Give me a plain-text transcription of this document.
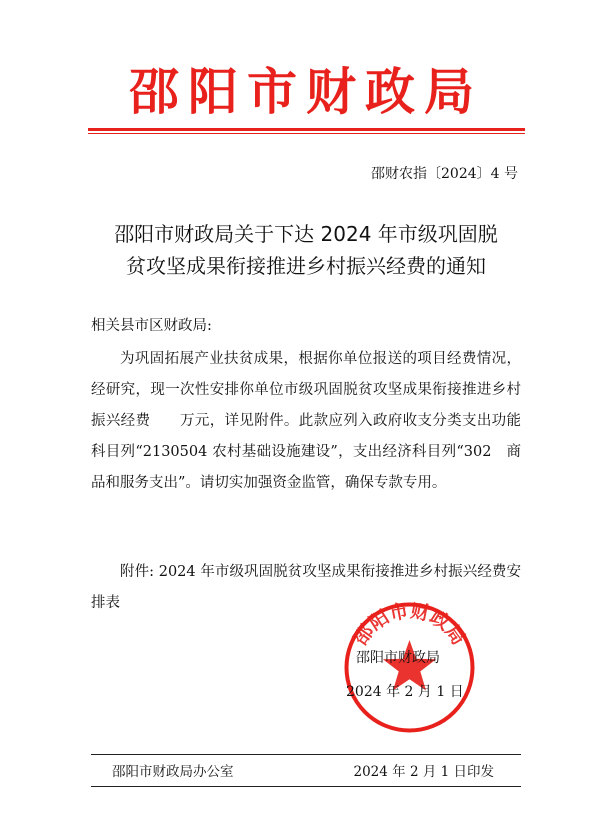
邵阳市财政局
邵财农指〔2024〕4 号
邵阳市财政局关于下达 2024 年市级巩固脱
贫攻坚成果衔接推进乡村振兴经费的通知
相关县市区财政局:
为巩固拓展产业扶贫成果，根据你单位报送的项目经费情况，经研究，现一次性安排你单位市级巩固脱贫攻坚成果衔接推进乡村振兴经费　　万元，详见附件。此款应列入政府收支分类支出功能科目列“2130504 农村基础设施建设”，支出经济科目列“302　商品和服务支出”。请切实加强资金监管，确保专款专用。
附件: 2024 年市级巩固脱贫攻坚成果衔接推进乡村振兴经费安排表
邵阳市财政局
邵阳市财政局
2024 年 2 月 1 日
邵阳市财政局办公室	2024 年 2 月 1 日印发
